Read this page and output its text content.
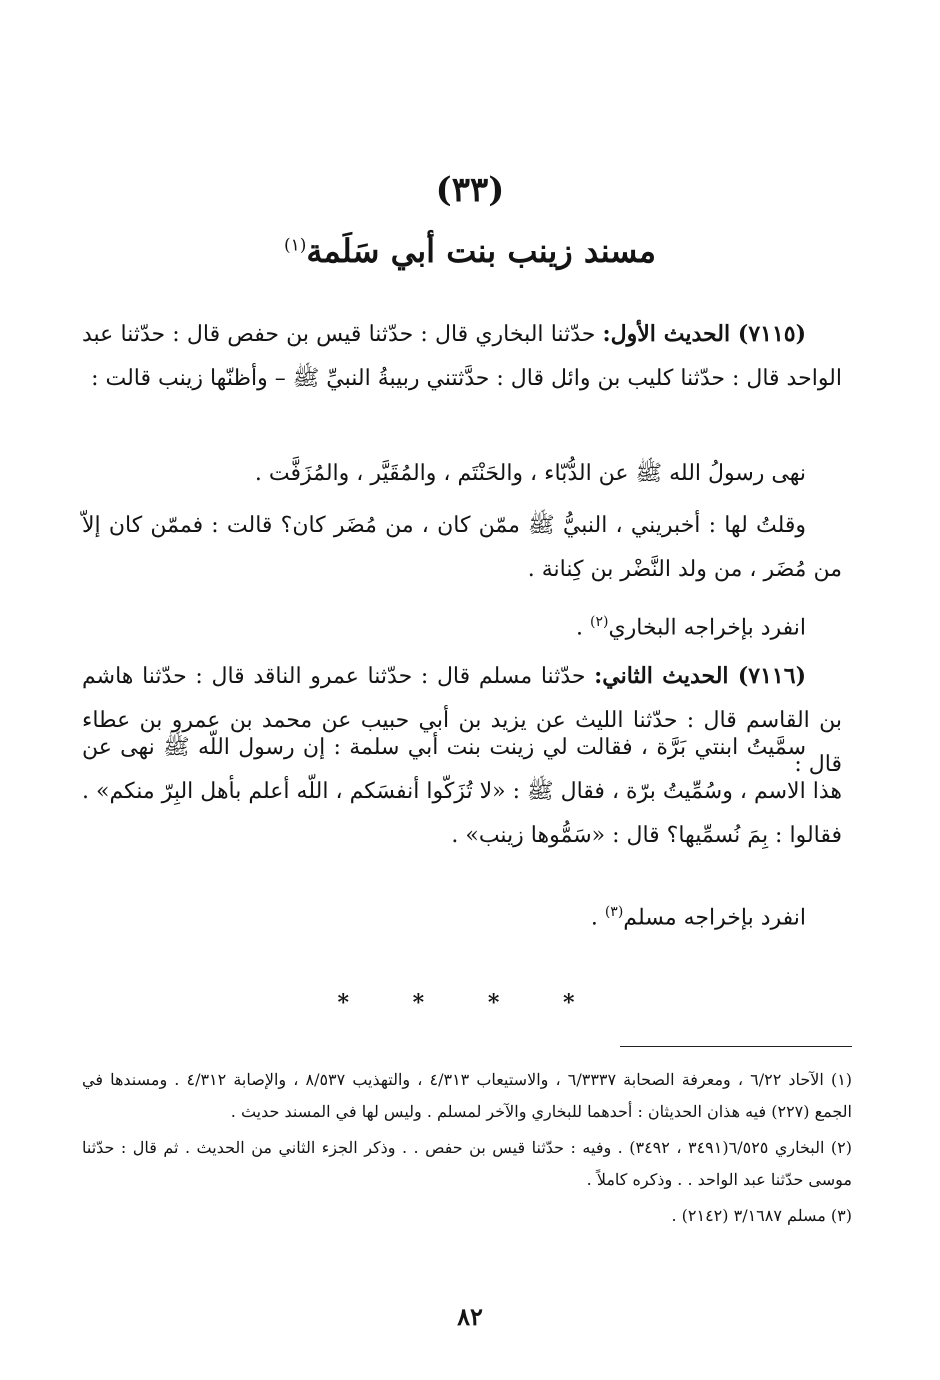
(٣٣)
مسند زينب بنت أبي سَلَمة$^{(١)}$

(٧١١٥) الحديث الأول: حدّثنا البخاري قال : حدّثنا قيس بن حفص قال : حدّثنا عبد الواحد قال : حدّثنا كليب بن وائل قال : حدَّثتني ربيبةُ النبيِّ ﷺ – وأظنّها زينب قالت :

نهى رسولُ الله ﷺ عن الدُّبّاء ، والحَنْتَم ، والمُقَيَّر ، والمُزَفَّت .

وقلتُ لها : أخبريني ، النبيُّ ﷺ ممّن كان ، من مُضَر كان؟ قالت : فممّن كان إلاّ من مُضَر ، من ولد النَّضْر بن كِنانة .

انفرد بإخراجه البخاري$^{(٢)}$ .

(٧١١٦) الحديث الثاني: حدّثنا مسلم قال : حدّثنا عمرو الناقد قال : حدّثنا هاشم بن القاسم قال : حدّثنا الليث عن يزيد بن أبي حبيب عن محمد بن عمرو بن عطاء قال :

سمَّيتُ ابنتي بَرَّة ، فقالت لي زينت بنت أبي سلمة : إن رسول اللّه ﷺ نهى عن هذا الاسم ، وسُمِّيتُ برّة ، فقال ﷺ : «لا تُزَكّوا أنفسَكم ، اللّه أعلم بأهل البِرّ منكم» . فقالوا : بِمَ نُسمِّيها؟ قال : «سَمُّوها زينب» .

انفرد بإخراجه مسلم$^{(٣)}$ .

* * * *
(١) الآحاد ٦/٢٢ ، ومعرفة الصحابة ٦/٣٣٣٧ ، والاستيعاب ٤/٣١٣ ، والتهذيب ٨/٥٣٧ ، والإصابة ٤/٣١٢ . ومسندها في الجمع (٢٢٧) فيه هذان الحديثان : أحدهما للبخاري والآخر لمسلم . وليس لها في المسند حديث .
(٢) البخاري ٦/٥٢٥(٣٤٩١ ، ٣٤٩٢) . وفيه : حدّثنا قيس بن حفص . . وذكر الجزء الثاني من الحديث . ثم قال : حدّثنا موسى حدّثنا عبد الواحد . . وذكره كاملاً .
(٣) مسلم ٣/١٦٨٧ (٢١٤٢) .
٨٢
